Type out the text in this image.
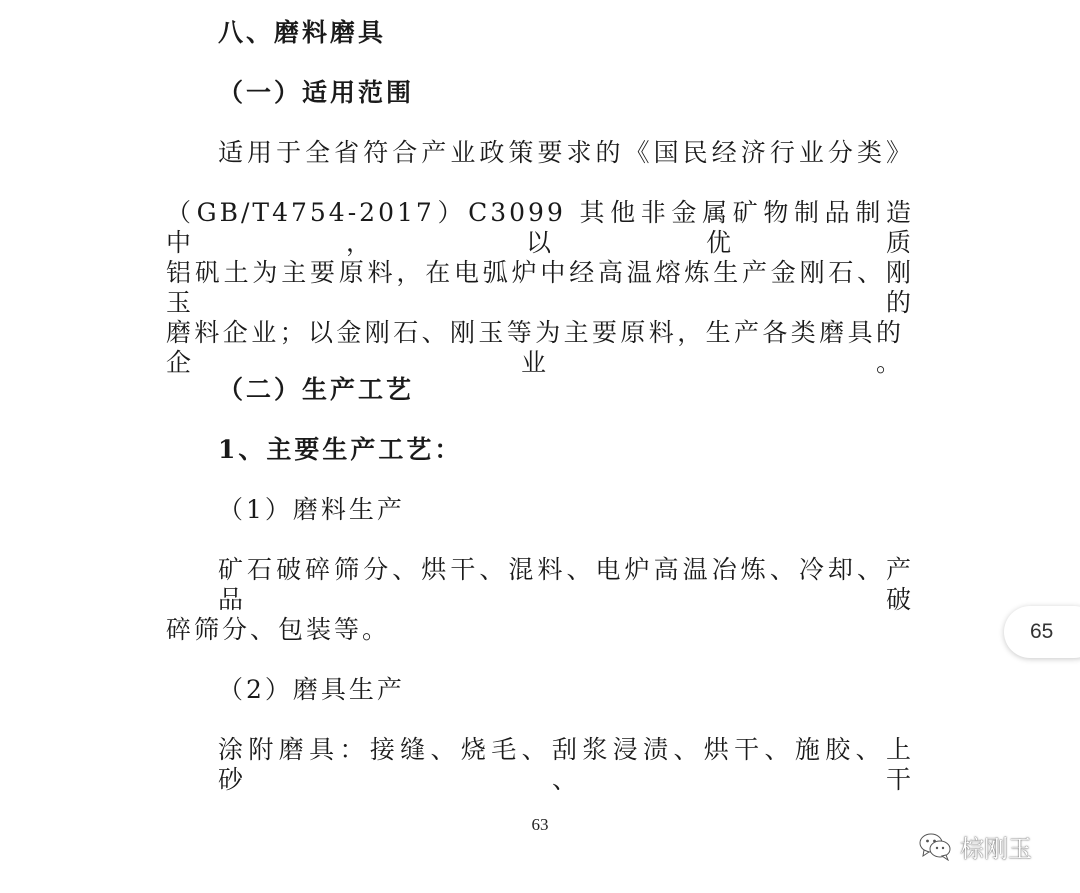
八、磨料磨具
（一）适用范围
适用于全省符合产业政策要求的《国民经济行业分类》
（GB/T4754-2017）C3099 其他非金属矿物制品制造中，以优质
铝矾土为主要原料，在电弧炉中经高温熔炼生产金刚石、刚玉的
磨料企业；以金刚石、刚玉等为主要原料，生产各类磨具的企业。
（二）生产工艺
1、主要生产工艺：
（1）磨料生产
矿石破碎筛分、烘干、混料、电炉高温冶炼、冷却、产品破
碎筛分、包装等。
（2）磨具生产
涂附磨具：接缝、烧毛、刮浆浸渍、烘干、施胶、上砂、干
63
65
棕刚玉
